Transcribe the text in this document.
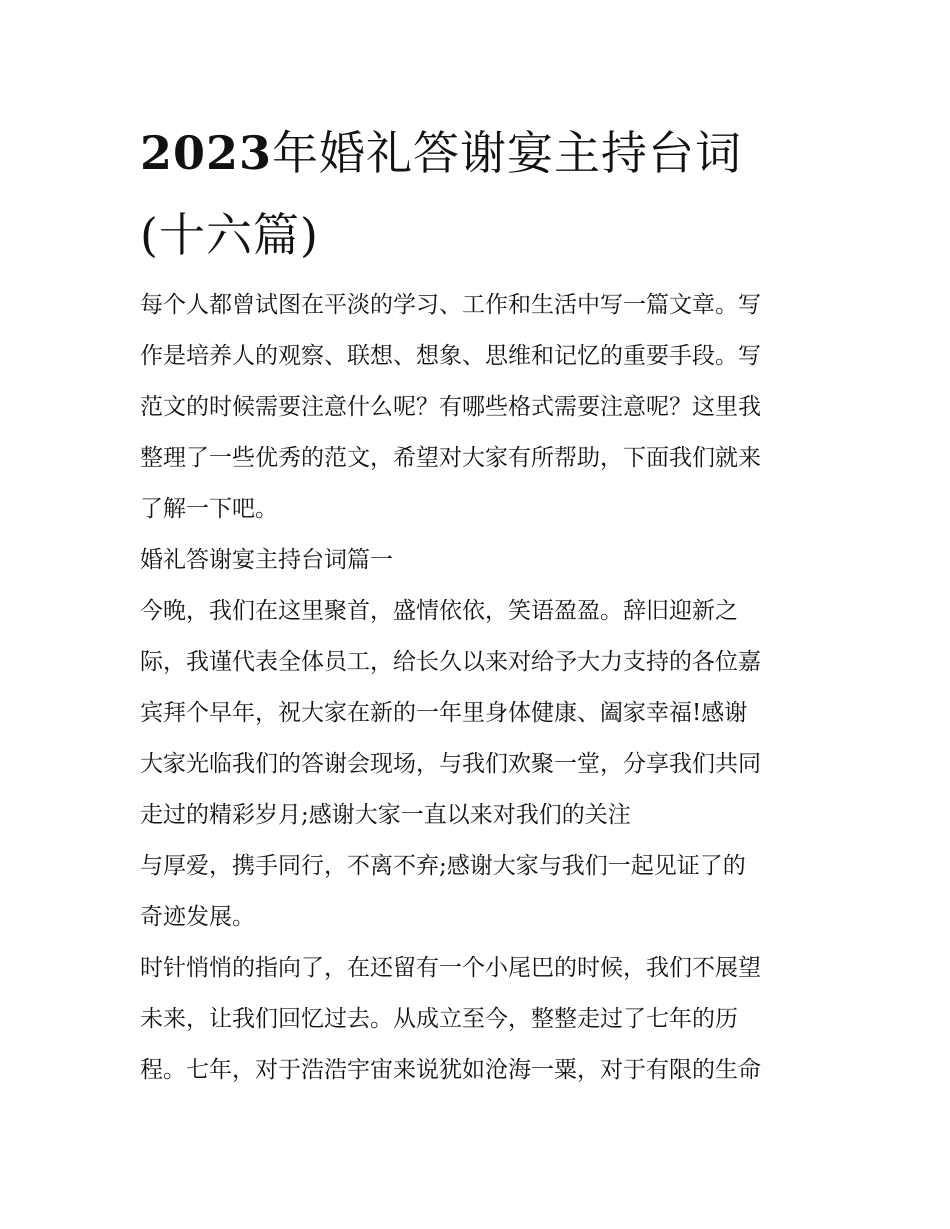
2023年婚礼答谢宴主持台词
(十六篇)

每个人都曾试图在平淡的学习、工作和生活中写一篇文章。写
作是培养人的观察、联想、想象、思维和记忆的重要手段。写
范文的时候需要注意什么呢？有哪些格式需要注意呢？这里我
整理了一些优秀的范文，希望对大家有所帮助，下面我们就来
了解一下吧。

婚礼答谢宴主持台词篇一

今晚，我们在这里聚首，盛情依依，笑语盈盈。辞旧迎新之
际，我谨代表全体员工，给长久以来对给予大力支持的各位嘉
宾拜个早年，祝大家在新的一年里身体健康、阖家幸福!感谢
大家光临我们的答谢会现场，与我们欢聚一堂，分享我们共同
走过的精彩岁月;感谢大家一直以来对我们的关注

与厚爱，携手同行，不离不弃;感谢大家与我们一起见证了的
奇迹发展。

时针悄悄的指向了，在还留有一个小尾巴的时候，我们不展望
未来，让我们回忆过去。从成立至今，整整走过了七年的历
程。七年，对于浩浩宇宙来说犹如沧海一粟，对于有限的生命
